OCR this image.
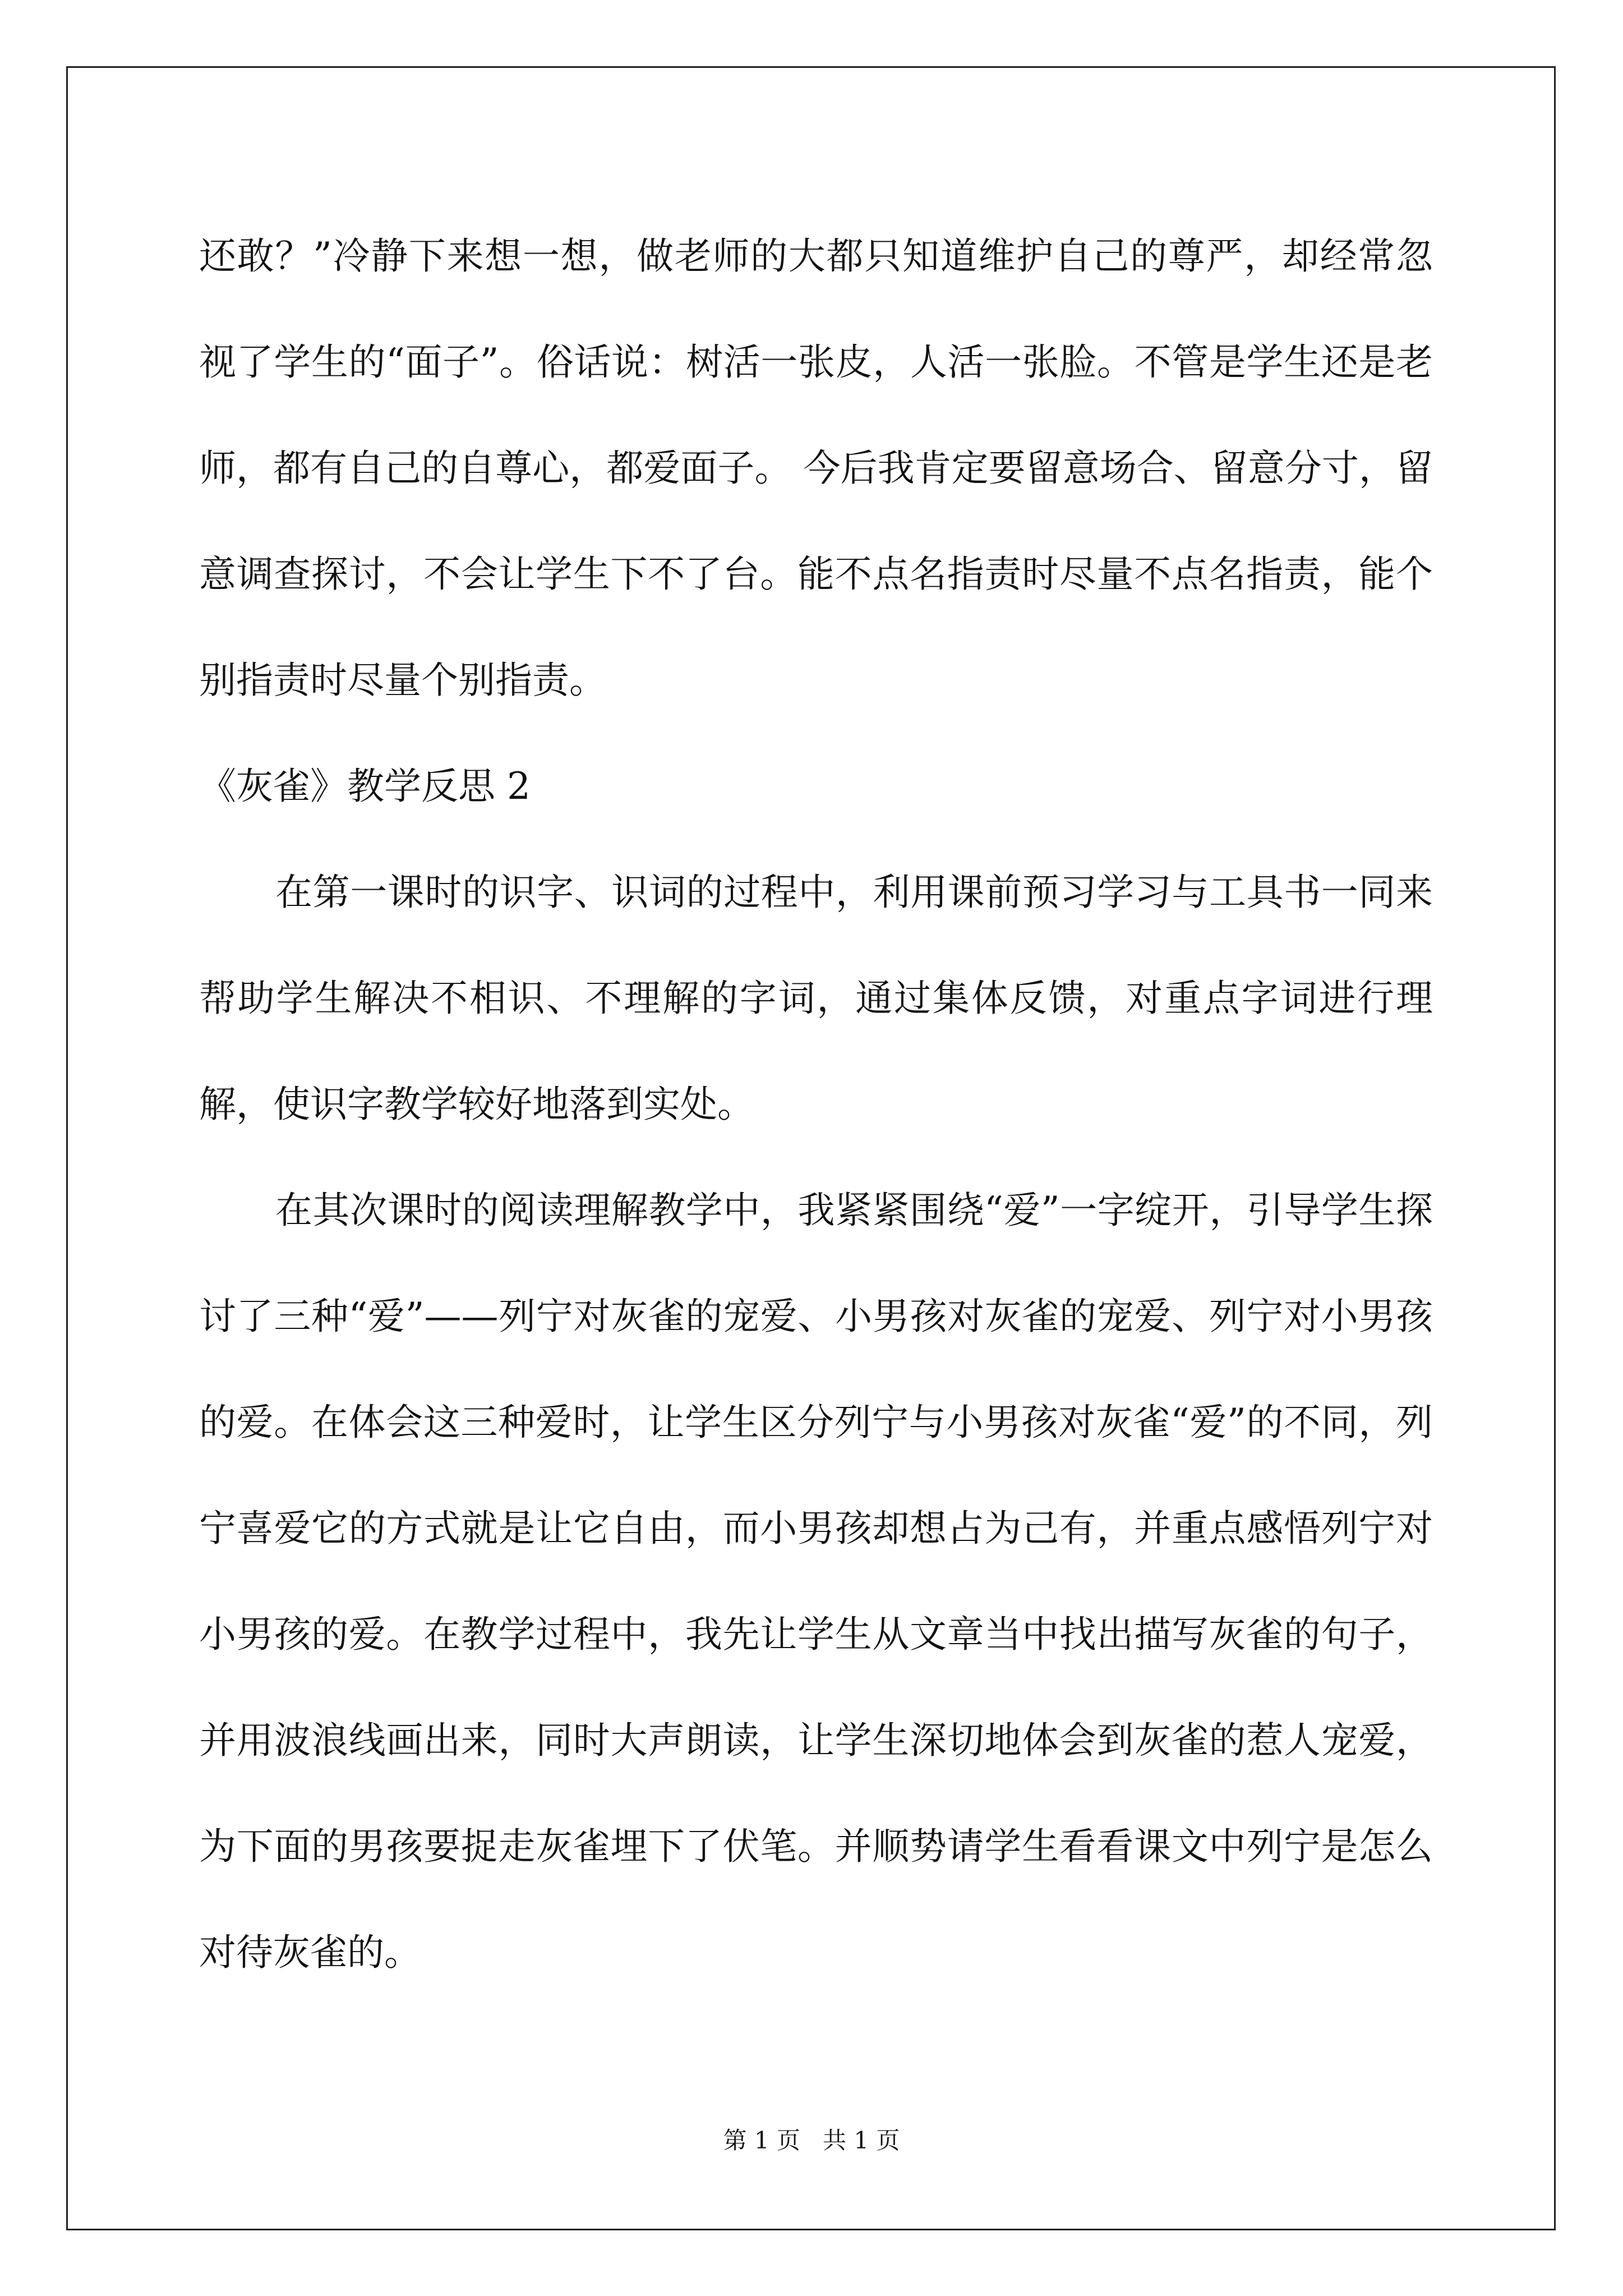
还敢？”冷静下来想一想，做老师的大都只知道维护自己的尊严，却经常忽视了学生的“面子”。俗话说：树活一张皮，人活一张脸。不管是学生还是老师，都有自己的自尊心，都爱面子。 今后我肯定要留意场合、留意分寸，留意调查探讨，不会让学生下不了台。能不点名指责时尽量不点名指责，能个别指责时尽量个别指责。

《灰雀》教学反思 2

在第一课时的识字、识词的过程中，利用课前预习学习与工具书一同来帮助学生解决不相识、不理解的字词，通过集体反馈，对重点字词进行理解，使识字教学较好地落到实处。

在其次课时的阅读理解教学中，我紧紧围绕“爱”一字绽开，引导学生探讨了三种“爱”——列宁对灰雀的宠爱、小男孩对灰雀的宠爱、列宁对小男孩的爱。在体会这三种爱时，让学生区分列宁与小男孩对灰雀“爱”的不同，列宁喜爱它的方式就是让它自由，而小男孩却想占为己有，并重点感悟列宁对小男孩的爱。在教学过程中，我先让学生从文章当中找出描写灰雀的句子，并用波浪线画出来，同时大声朗读，让学生深切地体会到灰雀的惹人宠爱，为下面的男孩要捉走灰雀埋下了伏笔。并顺势请学生看看课文中列宁是怎么对待灰雀的。

第 1 页 共 1 页
